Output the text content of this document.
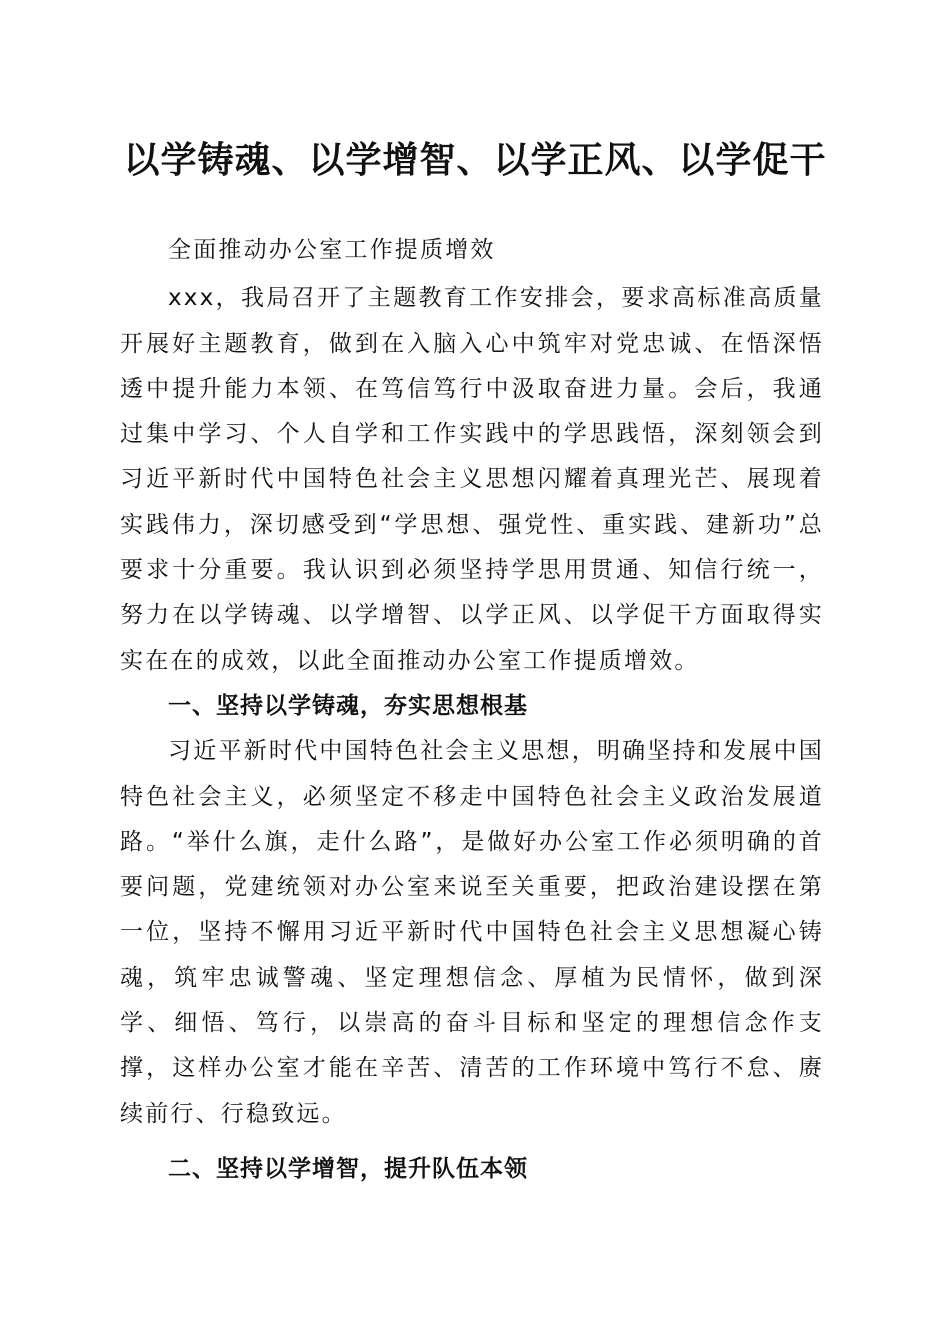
以学铸魂、以学增智、以学正风、以学促干

全面推动办公室工作提质增效

xxx，我局召开了主题教育工作安排会，要求高标准高质量开展好主题教育，做到在入脑入心中筑牢对党忠诚、在悟深悟透中提升能力本领、在笃信笃行中汲取奋进力量。会后，我通过集中学习、个人自学和工作实践中的学思践悟，深刻领会到习近平新时代中国特色社会主义思想闪耀着真理光芒、展现着实践伟力，深切感受到“学思想、强党性、重实践、建新功”总要求十分重要。我认识到必须坚持学思用贯通、知信行统一，努力在以学铸魂、以学增智、以学正风、以学促干方面取得实实在在的成效，以此全面推动办公室工作提质增效。

一、坚持以学铸魂，夯实思想根基

习近平新时代中国特色社会主义思想，明确坚持和发展中国特色社会主义，必须坚定不移走中国特色社会主义政治发展道路。“举什么旗，走什么路”，是做好办公室工作必须明确的首要问题，党建统领对办公室来说至关重要，把政治建设摆在第一位，坚持不懈用习近平新时代中国特色社会主义思想凝心铸魂，筑牢忠诚警魂、坚定理想信念、厚植为民情怀，做到深学、细悟、笃行，以崇高的奋斗目标和坚定的理想信念作支撑，这样办公室才能在辛苦、清苦的工作环境中笃行不怠、赓续前行、行稳致远。

二、坚持以学增智，提升队伍本领
